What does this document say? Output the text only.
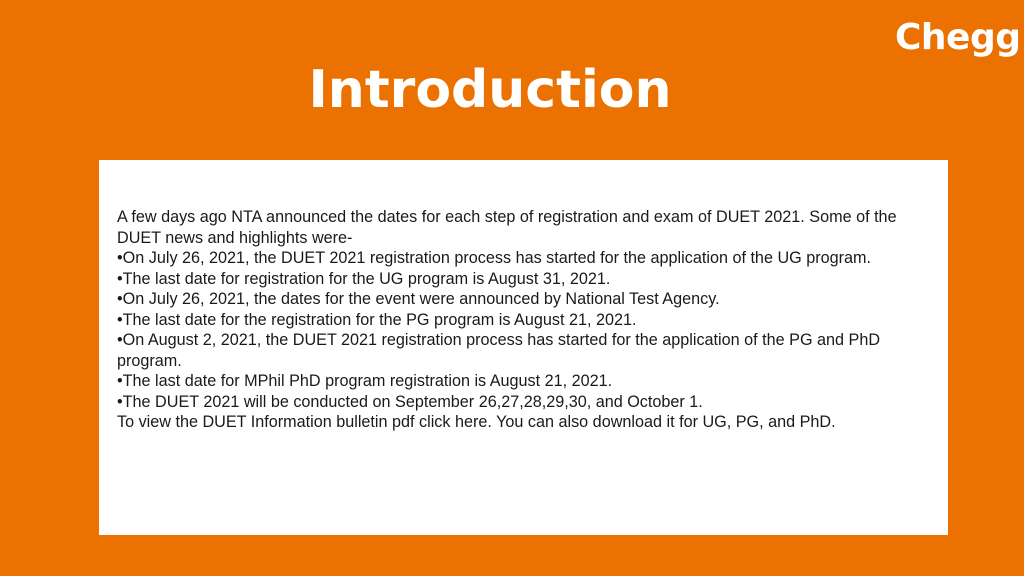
Chegg
Introduction

A few days ago NTA announced the dates for each step of registration and exam of DUET 2021. Some of the DUET news and highlights were-

•On July 26, 2021, the DUET 2021 registration process has started for the application of the UG program.

•The last date for registration for the UG program is August 31, 2021.

•On July 26, 2021, the dates for the event were announced by National Test Agency.

•The last date for the registration for the PG program is August 21, 2021.

•On August 2, 2021, the DUET 2021 registration process has started for the application of the PG and PhD program.

•The last date for MPhil PhD program registration is August 21, 2021.

•The DUET 2021 will be conducted on September 26,27,28,29,30, and October 1.

To view the DUET Information bulletin pdf click here. You can also download it for UG, PG, and PhD.
